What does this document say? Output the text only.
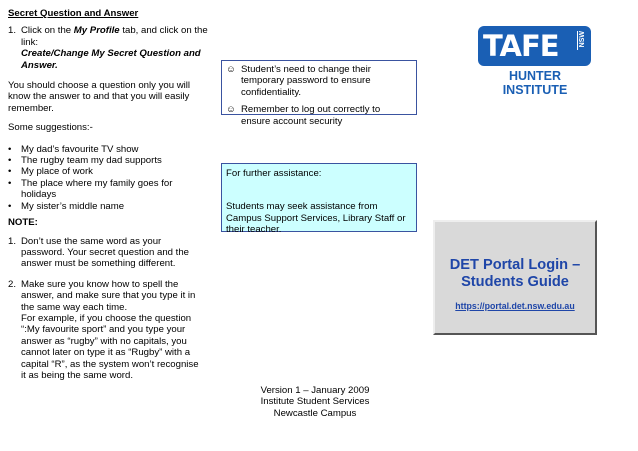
Secret Question and Answer
1. Click on the My Profile tab, and click on the link:
Create/Change My Secret Question and Answer.
You should choose a question only you will know the answer to and that you will easily remember.
Some suggestions:-
• My dad’s favourite TV show
• The rugby team my dad supports
• My place of work
• The place where my family goes for holidays
• My sister’s middle name
NOTE:
1. Don’t use the same word as your password. Your secret question and the answer must be something different.
2. Make sure you know how to spell the answer, and make sure that you type it in the same way each time.
For example, if you choose the question “:My favourite sport” and you type your answer as “rugby” with no capitals, you cannot later on type it as “Rugby” with a capital “R”, as the system won’t recognise it as being the same word.
☺ Student’s need to change their temporary password to ensure confidentiality.
☺ Remember to log out correctly to ensure account security
For further assistance:
Students may seek assistance from Campus Support Services, Library Staff or their teacher.
Version 1 – January 2009
Institute Student Services
Newcastle Campus
TAFE	NSW
HUNTER INSTITUTE
DET Portal Login – Students Guide
https://portal.det.nsw.edu.au
